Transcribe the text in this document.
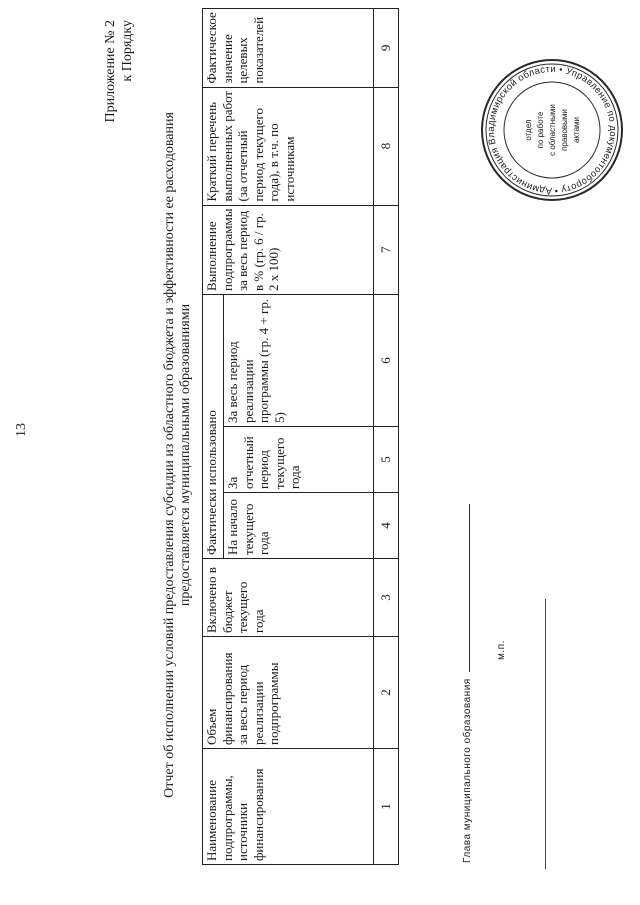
13
Приложение № 2 к Порядку
Отчет об исполнении условий предоставления субсидии из областного бюджета и эффективности ее расходования предоставляется муниципальными образованиями
Наименование подпрограммы, источники финансирования	Объем финансирования за весь период реализации подпрограммы	Включено в бюджет текущего года	Фактически использовано			Выполнение подпрограммы за весь период в % (гр. 6 / гр. 2 x 100)	Краткий перечень выполненных работ (за отчетный период текущего года), в т.ч. по источникам	Фактическое значение целевых показателей
			На начало текущего года	За отчетный период текущего года	За весь период реализации программы (гр. 4 + гр. 5)			
1	2	3	4	5	6	7	8	9
Глава муниципального образования
м.п.
Администрация Владимирской области • Управление по документообороту •
отдел по работе с областными правовыми актами
